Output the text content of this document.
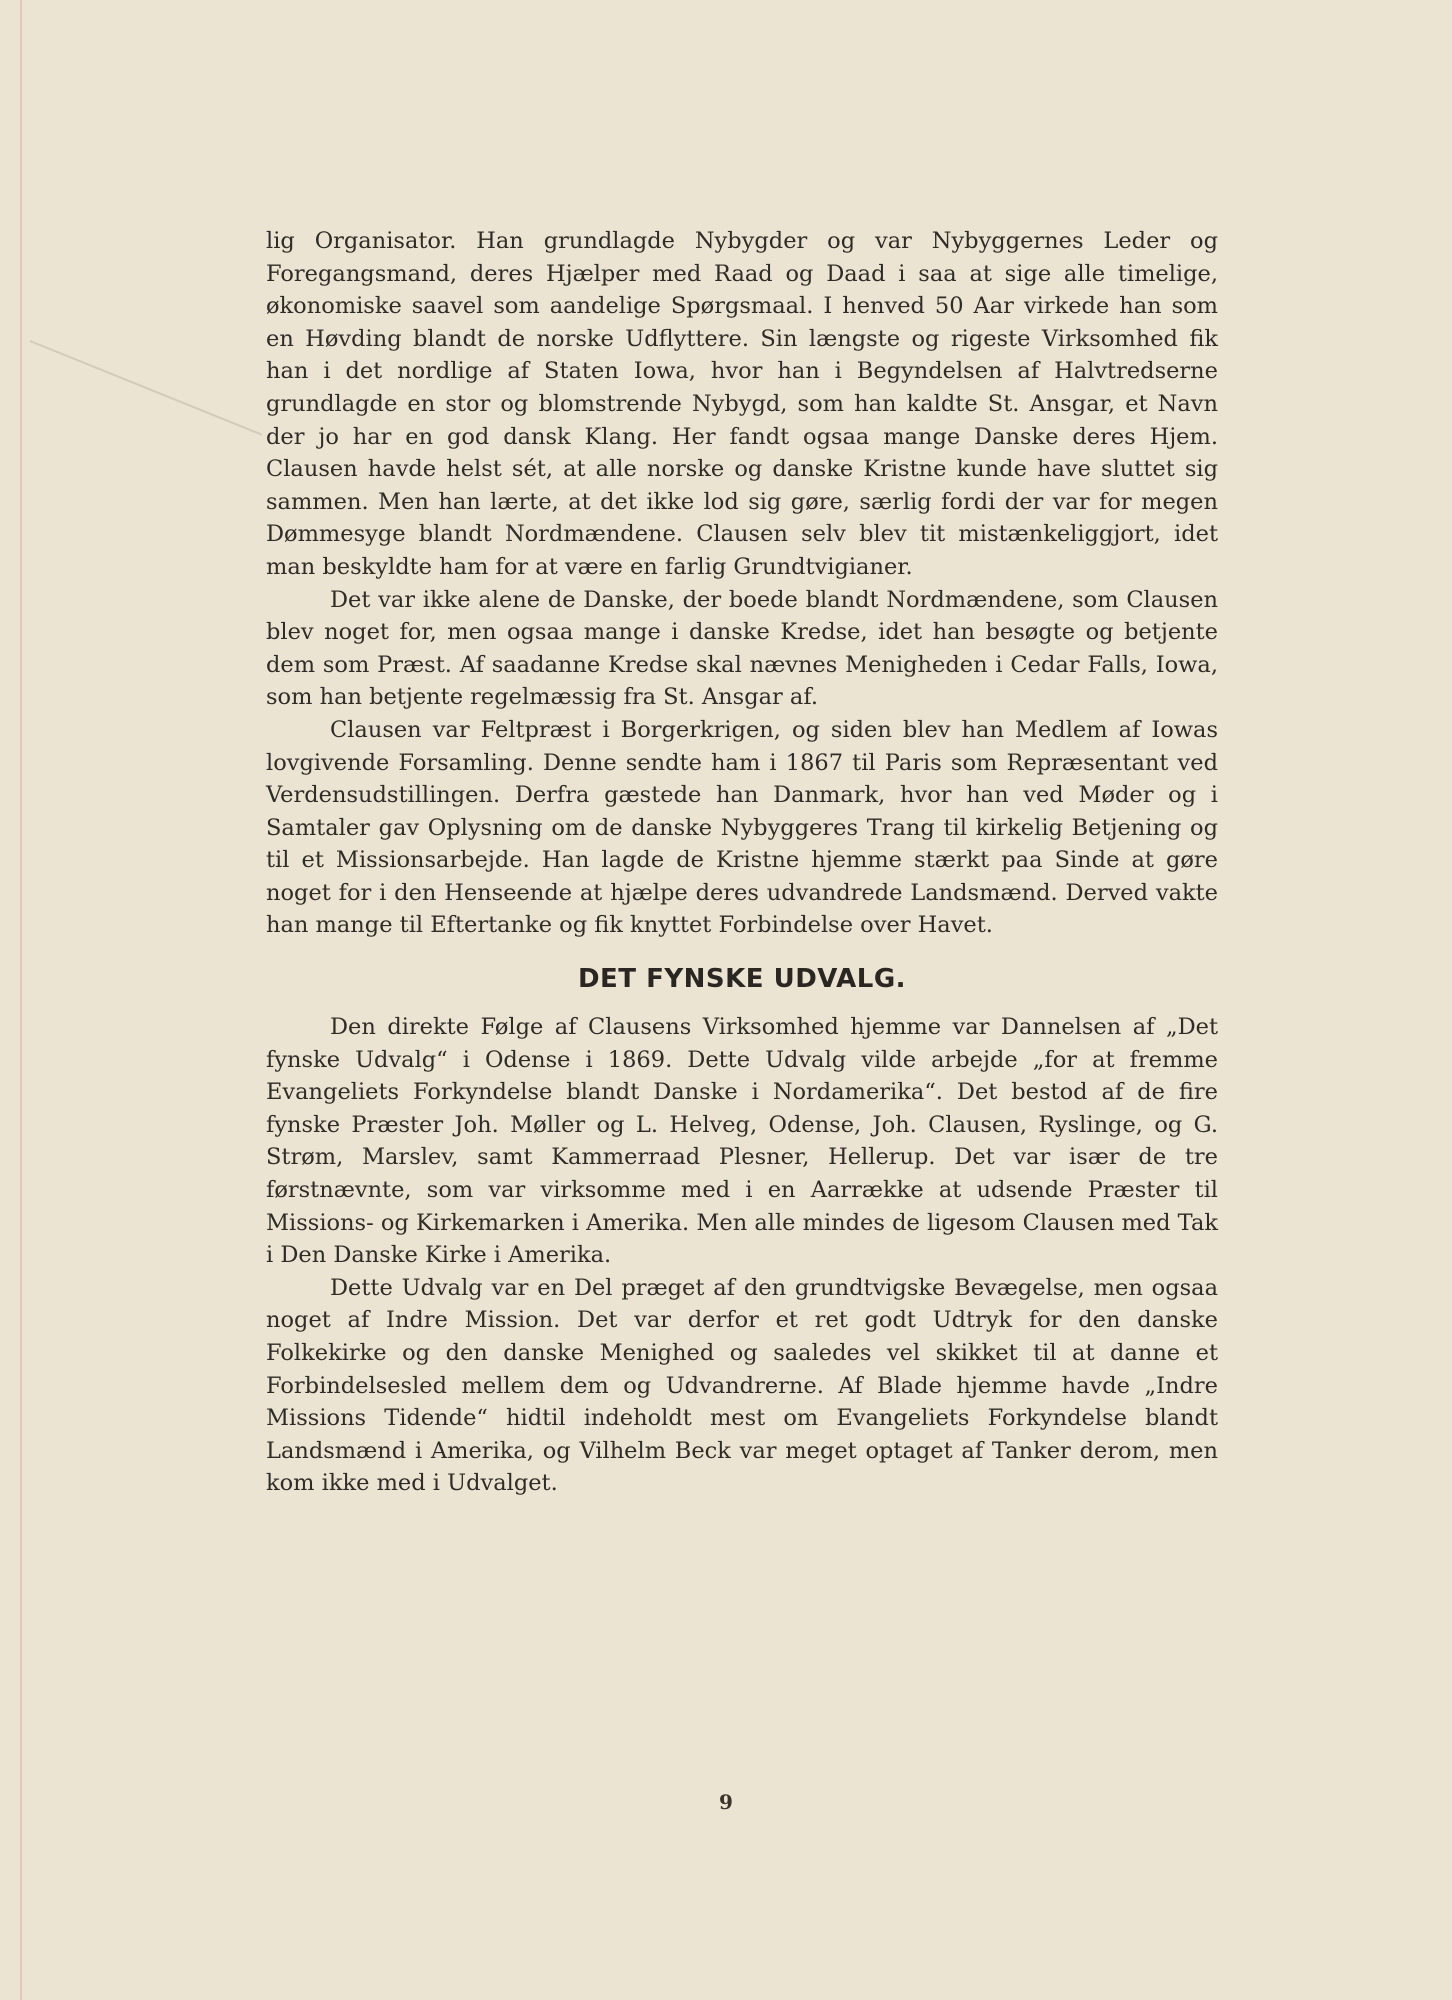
lig Organisator. Han grundlagde Nybygder og var Nybyggernes Leder og Foregangsmand, deres Hjælper med Raad og Daad i saa at sige alle timelige, økonomiske saavel som aandelige Spørgsmaal. I henved 50 Aar virkede han som en Høvding blandt de norske Udflyttere. Sin længste og rigeste Virksomhed fik han i det nordlige af Staten Iowa, hvor han i Begyndelsen af Halvtredserne grundlagde en stor og blomstrende Nybygd, som han kaldte St. Ansgar, et Navn der jo har en god dansk Klang. Her fandt ogsaa mange Danske deres Hjem. Clausen havde helst sét, at alle norske og danske Kristne kunde have sluttet sig sammen. Men han lærte, at det ikke lod sig gøre, særlig fordi der var for megen Dømmesyge blandt Nordmændene. Clausen selv blev tit mistænkeliggjort, idet man beskyldte ham for at være en farlig Grundtvigianer.

Det var ikke alene de Danske, der boede blandt Nordmændene, som Clausen blev noget for, men ogsaa mange i danske Kredse, idet han besøgte og betjente dem som Præst. Af saadanne Kredse skal nævnes Menigheden i Cedar Falls, Iowa, som han betjente regelmæssig fra St. Ansgar af.

Clausen var Feltpræst i Borgerkrigen, og siden blev han Medlem af Iowas lovgivende Forsamling. Denne sendte ham i 1867 til Paris som Repræsentant ved Verdensudstillingen. Derfra gæstede han Danmark, hvor han ved Møder og i Samtaler gav Oplysning om de danske Nybyggeres Trang til kirkelig Betjening og til et Missionsarbejde. Han lagde de Kristne hjemme stærkt paa Sinde at gøre noget for i den Henseende at hjælpe deres udvandrede Landsmænd. Derved vakte han mange til Eftertanke og fik knyttet Forbindelse over Havet.

DET FYNSKE UDVALG.

Den direkte Følge af Clausens Virksomhed hjemme var Dannelsen af „Det fynske Udvalg“ i Odense i 1869. Dette Udvalg vilde arbejde „for at fremme Evangeliets Forkyndelse blandt Danske i Nordamerika“. Det bestod af de fire fynske Præster Joh. Møller og L. Helveg, Odense, Joh. Clausen, Ryslinge, og G. Strøm, Marslev, samt Kammerraad Plesner, Hellerup. Det var især de tre førstnævnte, som var virksomme med i en Aarrække at udsende Præster til Missions- og Kirkemarken i Amerika. Men alle mindes de ligesom Clausen med Tak i Den Danske Kirke i Amerika.

Dette Udvalg var en Del præget af den grundtvigske Bevægelse, men ogsaa noget af Indre Mission. Det var derfor et ret godt Udtryk for den danske Folkekirke og den danske Menighed og saaledes vel skikket til at danne et Forbindelsesled mellem dem og Udvandrerne. Af Blade hjemme havde „Indre Missions Tidende“ hidtil indeholdt mest om Evangeliets Forkyndelse blandt Landsmænd i Amerika, og Vilhelm Beck var meget optaget af Tanker derom, men kom ikke med i Udvalget.

9
